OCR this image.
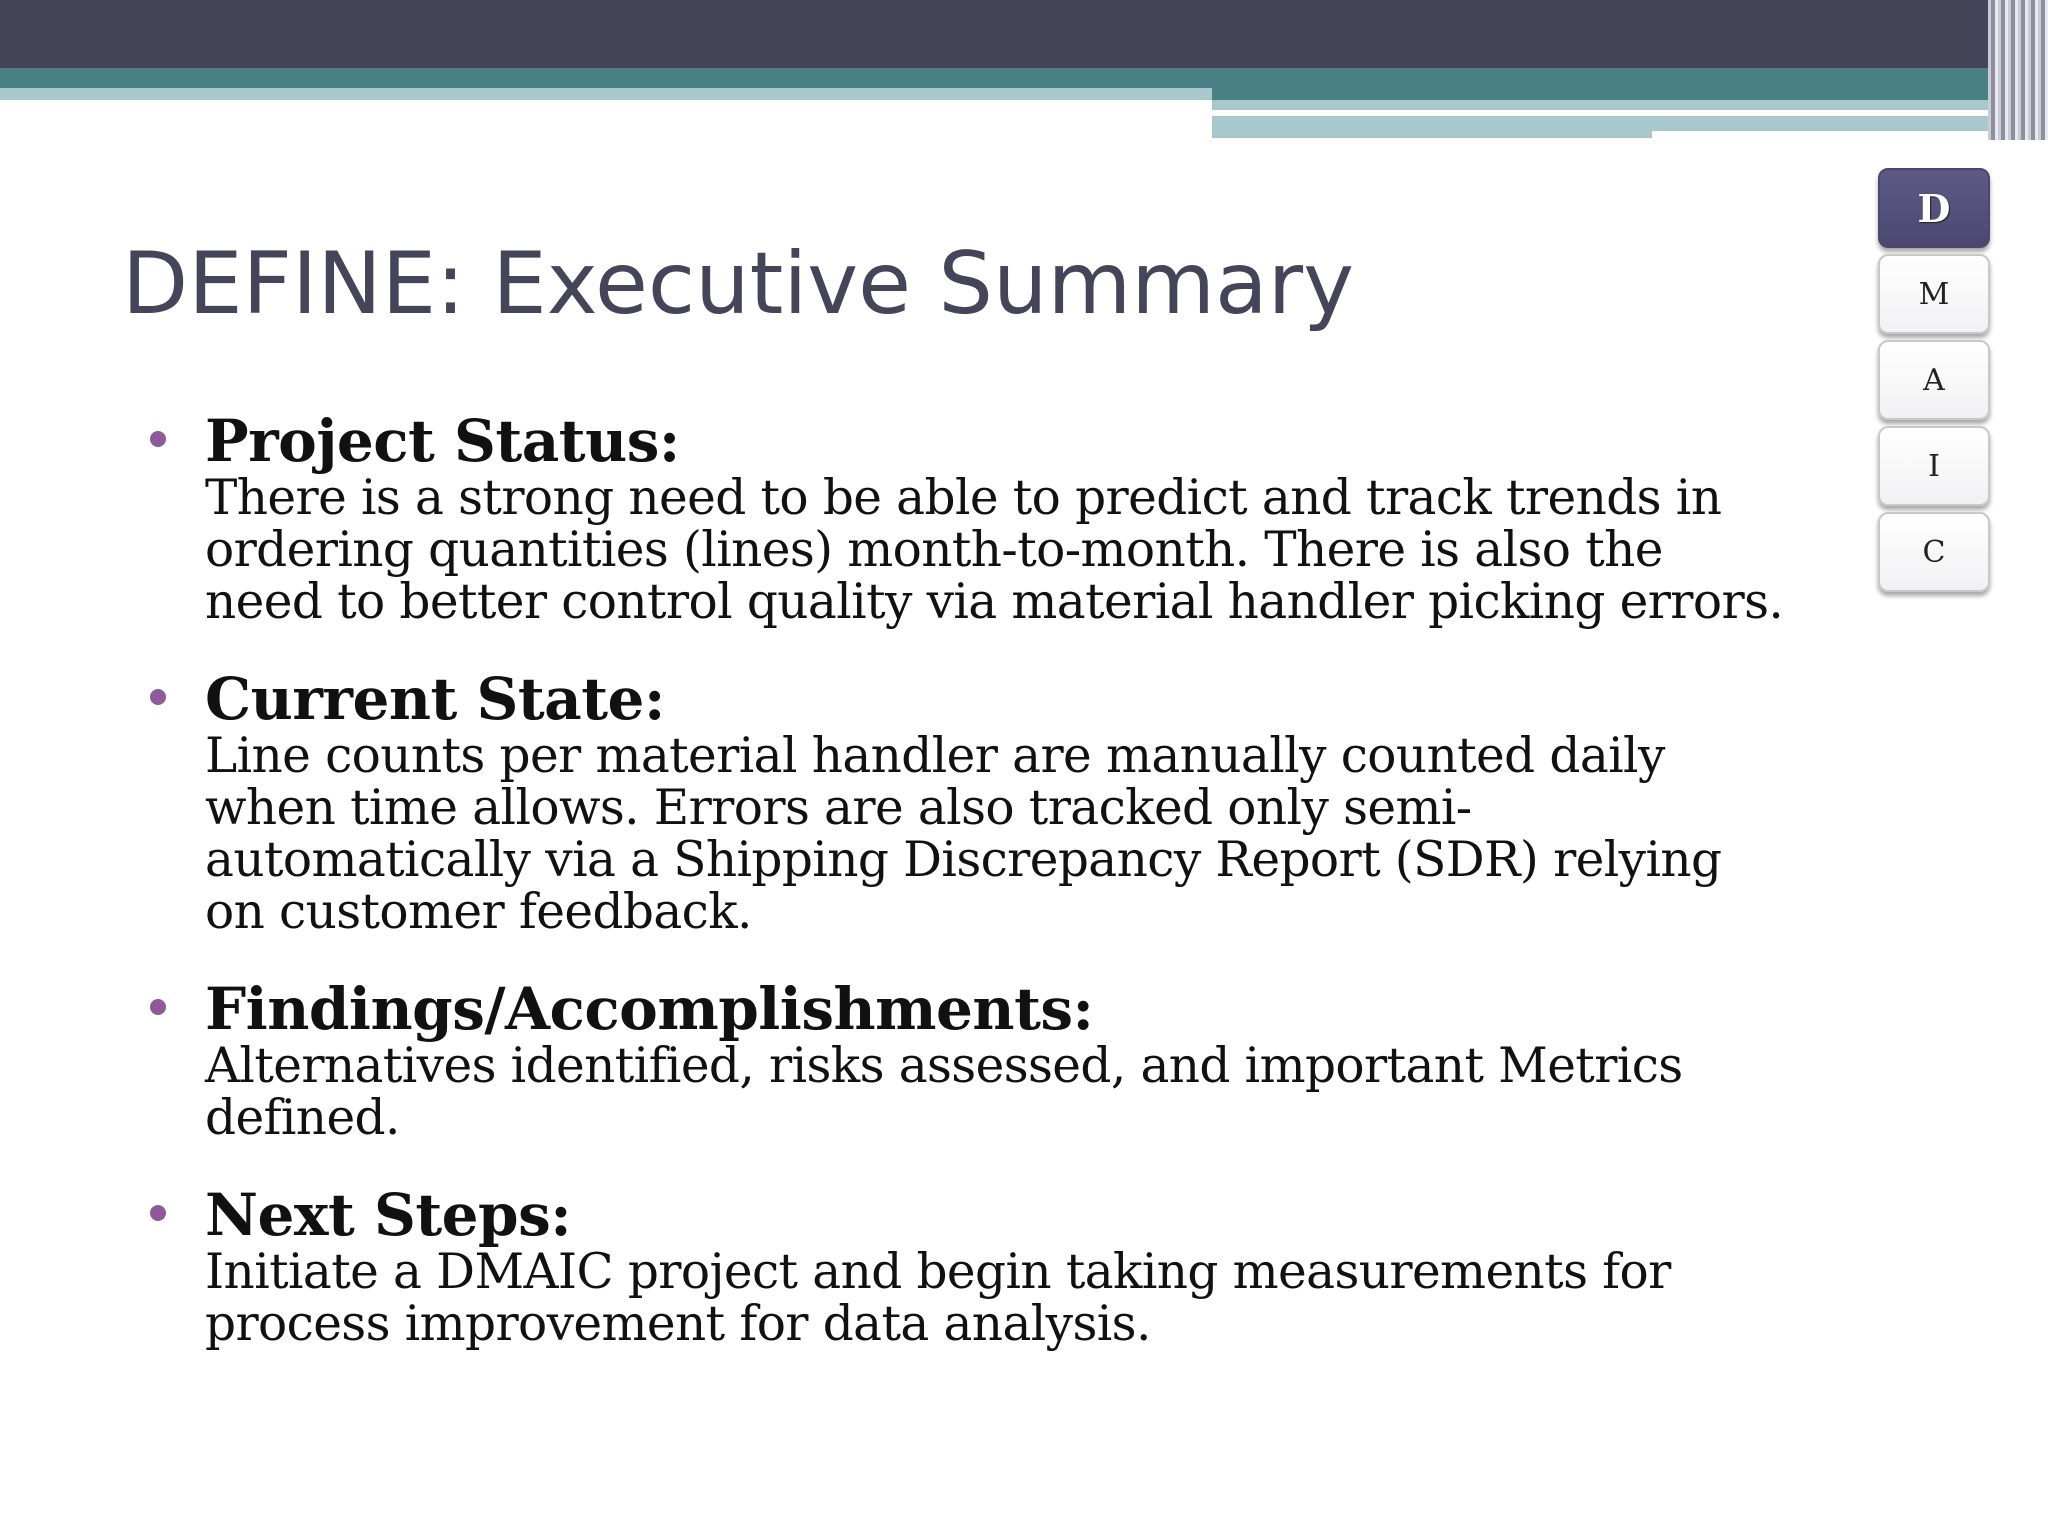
DEFINE: Executive Summary
D
M
A
I
C
Project Status:
There is a strong need to be able to predict and track trends in ordering quantities (lines) month-to-month. There is also the need to better control quality via material handler picking errors.
Current State:
Line counts per material handler are manually counted daily when time allows. Errors are also tracked only semi-automatically via a Shipping Discrepancy Report (SDR) relying on customer feedback.
Findings/Accomplishments:
Alternatives identified, risks assessed, and important Metrics defined.
Next Steps:
Initiate a DMAIC project and begin taking measurements for process improvement for data analysis.
